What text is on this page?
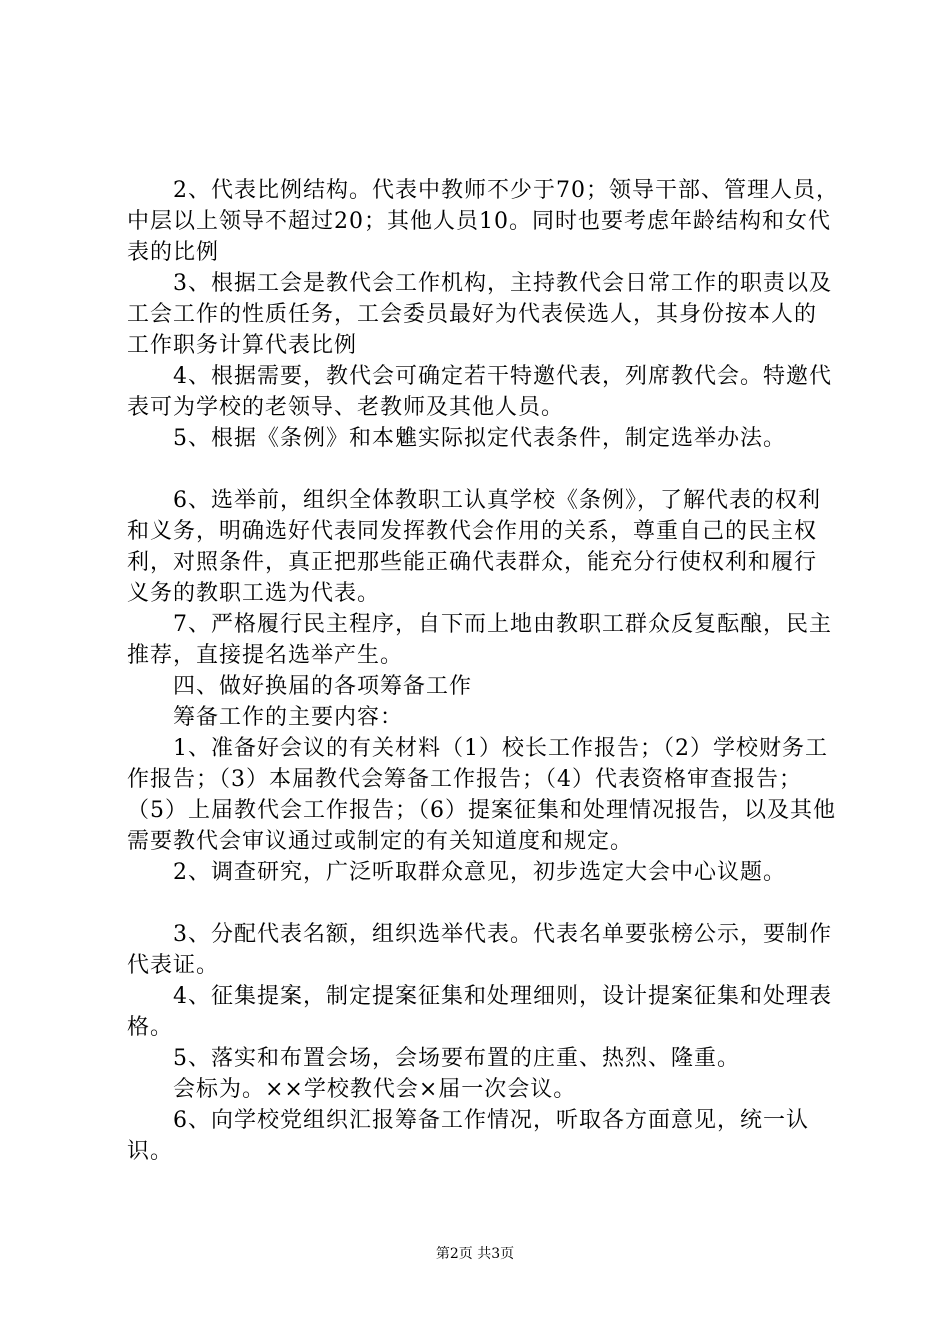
2、代表比例结构。代表中教师不少于70；领导干部、管理人员，中层以上领导不超过20；其他人员10。同时也要考虑年龄结构和女代表的比例

3、根据工会是教代会工作机构，主持教代会日常工作的职责以及工会工作的性质任务，工会委员最好为代表侯选人，其身份按本人的工作职务计算代表比例

4、根据需要，教代会可确定若干特邀代表，列席教代会。特邀代表可为学校的老领导、老教师及其他人员。

5、根据《条例》和本魋实际拟定代表条件，制定选举办法。

6、选举前，组织全体教职工认真学校《条例》，了解代表的权利和义务，明确选好代表同发挥教代会作用的关系，尊重自己的民主权利，对照条件，真正把那些能正确代表群众，能充分行使权利和履行义务的教职工选为代表。

7、严格履行民主程序，自下而上地由教职工群众反复酝酿，民主推荐，直接提名选举产生。

四、做好换届的各项筹备工作

筹备工作的主要内容：

1、准备好会议的有关材料（1）校长工作报告；（2）学校财务工作报告；（3）本届教代会筹备工作报告；（4）代表资格审查报告；（5）上届教代会工作报告；（6）提案征集和处理情况报告，以及其他需要教代会审议通过或制定的有关知道度和规定。

2、调查研究，广泛听取群众意见，初步选定大会中心议题。

3、分配代表名额，组织选举代表。代表名单要张榜公示，要制作代表证。

4、征集提案，制定提案征集和处理细则，设计提案征集和处理表格。

5、落实和布置会场，会场要布置的庄重、热烈、隆重。

会标为。××学校教代会×届一次会议。

6、向学校党组织汇报筹备工作情况，听取各方面意见，统一认识。

第2页 共3页
